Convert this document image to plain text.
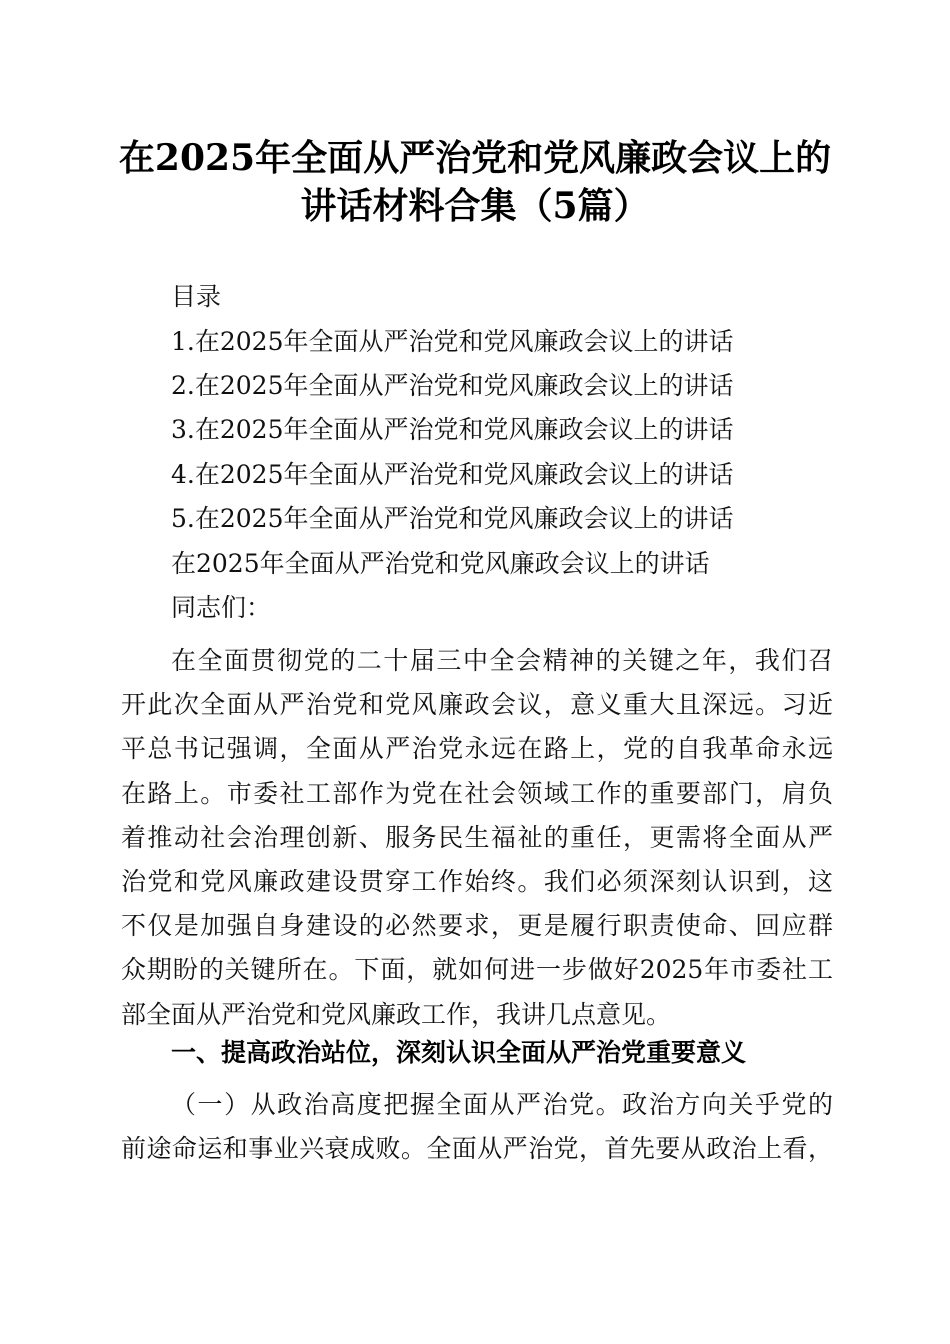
在2025年全面从严治党和党风廉政会议上的
讲话材料合集（5篇）
目录
1.在2025年全面从严治党和党风廉政会议上的讲话
2.在2025年全面从严治党和党风廉政会议上的讲话
3.在2025年全面从严治党和党风廉政会议上的讲话
4.在2025年全面从严治党和党风廉政会议上的讲话
5.在2025年全面从严治党和党风廉政会议上的讲话
在2025年全面从严治党和党风廉政会议上的讲话
同志们：
在全面贯彻党的二十届三中全会精神的关键之年，我们召
开此次全面从严治党和党风廉政会议，意义重大且深远。习近
平总书记强调，全面从严治党永远在路上，党的自我革命永远
在路上。市委社工部作为党在社会领域工作的重要部门，肩负
着推动社会治理创新、服务民生福祉的重任，更需将全面从严
治党和党风廉政建设贯穿工作始终。我们必须深刻认识到，这
不仅是加强自身建设的必然要求，更是履行职责使命、回应群
众期盼的关键所在。下面，就如何进一步做好2025年市委社工
部全面从严治党和党风廉政工作，我讲几点意见。
一、提高政治站位，深刻认识全面从严治党重要意义
（一）从政治高度把握全面从严治党。政治方向关乎党的
前途命运和事业兴衰成败。全面从严治党，首先要从政治上看，
